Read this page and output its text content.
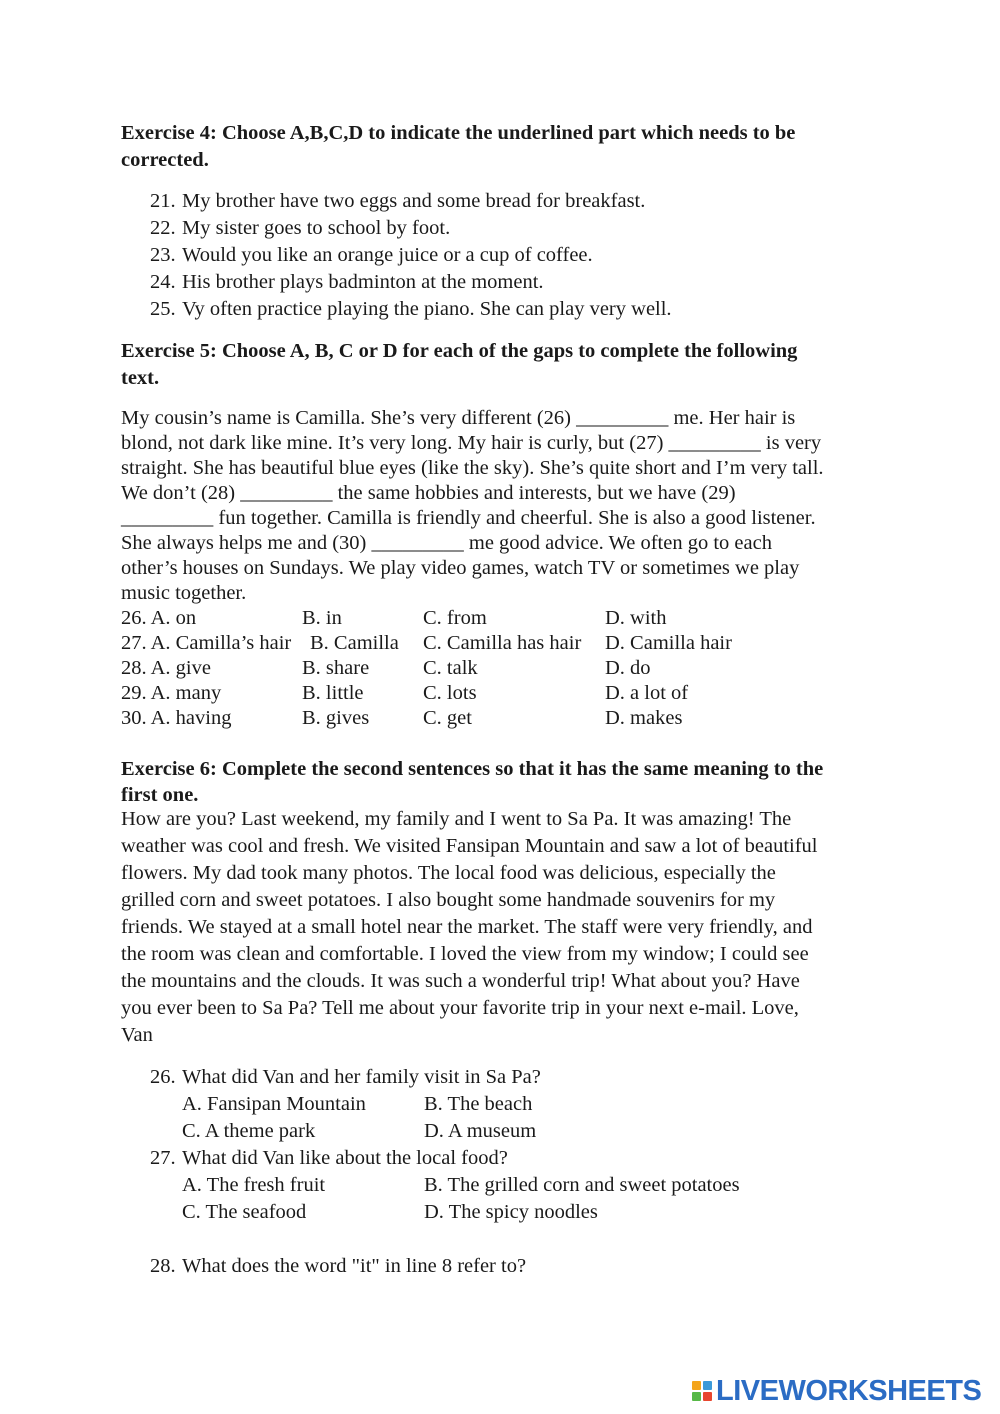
Exercise 4: Choose A,B,C,D to indicate the underlined part which needs to be
corrected.
21. My brother have two eggs and some bread for breakfast.
22. My sister goes to school by foot.
23. Would you like an orange juice or a cup of coffee.
24. His brother plays badminton at the moment.
25. Vy often practice playing the piano. She can play very well.
Exercise 5: Choose A, B, C or D for each of the gaps to complete the following
text.
My cousin’s name is Camilla. She’s very different (26) _________ me. Her hair is
blond, not dark like mine. It’s very long. My hair is curly, but (27) _________ is very
straight. She has beautiful blue eyes (like the sky). She’s quite short and I’m very tall.
We don’t (28) _________ the same hobbies and interests, but we have (29)
_________ fun together. Camilla is friendly and cheerful. She is also a good listener.
She always helps me and (30) _________ me good advice. We often go to each
other’s houses on Sundays. We play video games, watch TV or sometimes we play
music together.
26. A. on	B. in	C. from	D. with
27. A. Camilla’s hair B. Camilla C. Camilla has hair D. Camilla hair
28. A. give	B. share	C. talk	D. do
29. A. many	B. little	C. lots	D. a lot of
30. A. having	B. gives	C. get	D. makes
Exercise 6: Complete the second sentences so that it has the same meaning to the
first one.
How are you? Last weekend, my family and I went to Sa Pa. It was amazing! The
weather was cool and fresh. We visited Fansipan Mountain and saw a lot of beautiful
flowers. My dad took many photos. The local food was delicious, especially the
grilled corn and sweet potatoes. I also bought some handmade souvenirs for my
friends. We stayed at a small hotel near the market. The staff were very friendly, and
the room was clean and comfortable. I loved the view from my window; I could see
the mountains and the clouds. It was such a wonderful trip! What about you? Have
you ever been to Sa Pa? Tell me about your favorite trip in your next e-mail. Love,
Van
26. What did Van and her family visit in Sa Pa?
A. Fansipan Mountain	B. The beach
C. A theme park	D. A museum
27. What did Van like about the local food?
A. The fresh fruit	B. The grilled corn and sweet potatoes
C. The seafood	D. The spicy noodles
28. What does the word "it" in line 8 refer to?
LIVEWORKSHEETS
